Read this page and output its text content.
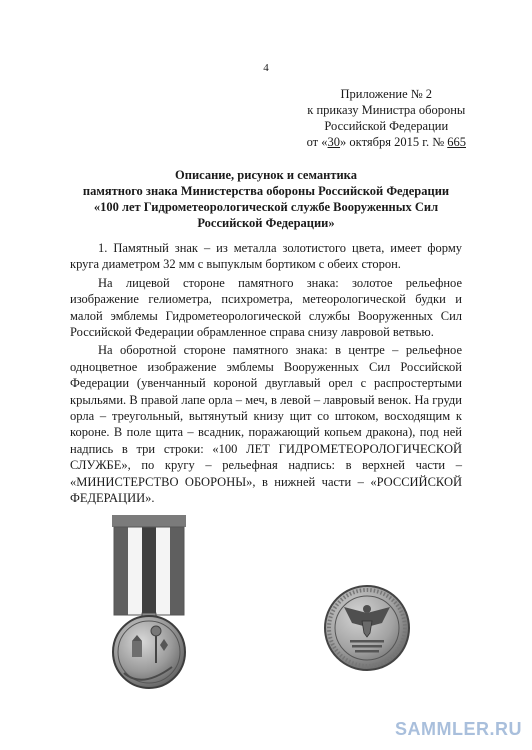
4
Приложение № 2
к приказу Министра обороны
Российской Федерации
от «30» октября 2015 г. № 665
Описание, рисунок и семантика
памятного знака Министерства обороны Российской Федерации
«100 лет Гидрометеорологической службе Вооруженных Сил
Российской Федерации»

1. Памятный знак – из металла золотистого цвета, имеет форму круга диаметром 32 мм с выпуклым бортиком с обеих сторон.

На лицевой стороне памятного знака: золотое рельефное изображение гелиометра, психрометра, метеорологической будки и малой эмблемы Гидрометеорологической службы Вооруженных Сил Российской Федерации обрамленное справа снизу лавровой ветвью.

На оборотной стороне памятного знака: в центре – рельефное одноцветное изображение эмблемы Вооруженных Сил Российской Федерации (увенчанный короной двуглавый орел с распростертыми крыльями. В правой лапе орла – меч, в левой – лавровый венок. На груди орла – треугольный, вытянутый книзу щит со штоком, восходящим к короне. В поле щита – всадник, поражающий копьем дракона), под ней надпись в три строки: «100 ЛЕТ ГИДРОМЕТЕОРОЛОГИЧЕСКОЙ СЛУЖБЕ», по кругу – рельефная надпись: в верхней части – «МИНИСТЕРСТВО ОБОРОНЫ», в нижней части – «РОССИЙСКОЙ ФЕДЕРАЦИИ».

SAMMLER.RU
